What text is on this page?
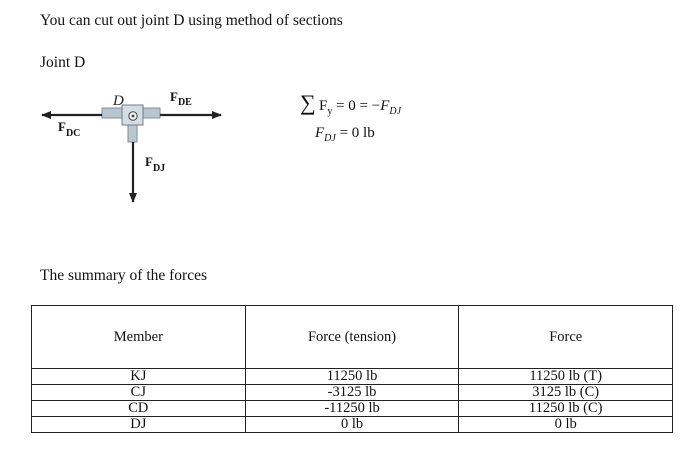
You can cut out joint D using method of sections
Joint D
D	$F_{DE}$
$F_{DC}$
$F_{DJ}$
∑ $F_y = 0 = -F_{DJ}$
$F_{DJ} = 0$ lb
The summary of the forces
Member	Force (tension)	Force
KJ	11250 lb	11250 lb (T)
CJ	-3125 lb	3125 lb (C)
CD	-11250 lb	11250 lb (C)
DJ	0 lb	0 lb
